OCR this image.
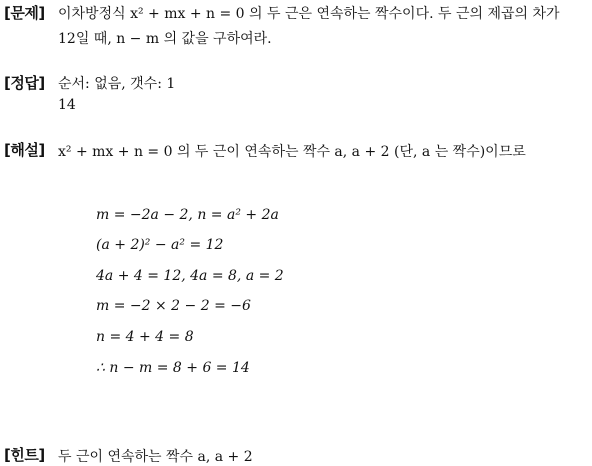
[문제] 이차방정식 x² + mx + n = 0 의 두 근은 연속하는 짝수이다. 두 근의 제곱의 차가
12일 때, n − m 의 값을 구하여라.
[정답] 순서: 없음, 갯수: 1
14
[해설] x² + mx + n = 0 의 두 근이 연속하는 짝수 a, a + 2 (단, a 는 짝수)이므로
m = −2a − 2, n = a² + 2a
(a + 2)² − a² = 12
4a + 4 = 12, 4a = 8, a = 2
m = −2 × 2 − 2 = −6
n = 4 + 4 = 8
∴ n − m = 8 + 6 = 14
[힌트] 두 근이 연속하는 짝수 a, a + 2
